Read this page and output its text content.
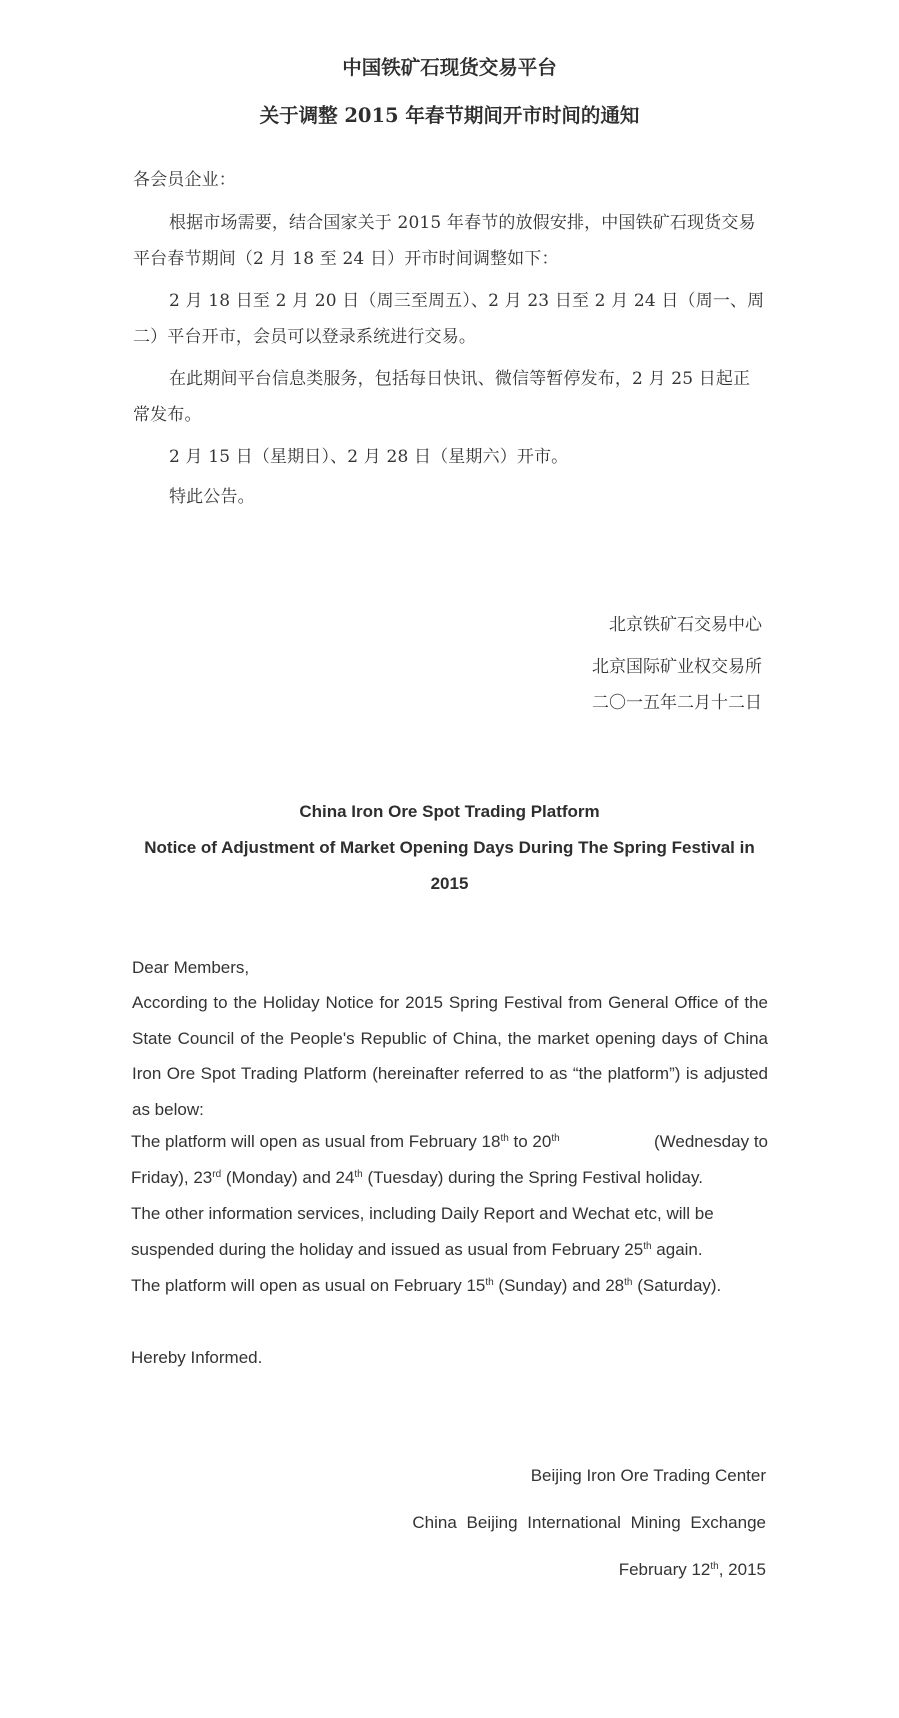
中国铁矿石现货交易平台
关于调整 2015 年春节期间开市时间的通知

各会员企业：

根据市场需要，结合国家关于 2015 年春节的放假安排，中国铁矿石现货交易平台春节期间（2 月 18 至 24 日）开市时间调整如下：

2 月 18 日至 2 月 20 日（周三至周五）、2 月 23 日至 2 月 24 日（周一、周二）平台开市，会员可以登录系统进行交易。

在此期间平台信息类服务，包括每日快讯、微信等暂停发布，2 月 25 日起正常发布。

2 月 15 日（星期日）、2 月 28 日（星期六）开市。

特此公告。

北京铁矿石交易中心

北京国际矿业权交易所

二〇一五年二月十二日

China Iron Ore Spot Trading Platform
Notice of Adjustment of Market Opening Days During The Spring Festival in 2015

Dear Members,

According to the Holiday Notice for 2015 Spring Festival from General Office of the State Council of the People's Republic of China, the market opening days of China Iron Ore Spot Trading Platform (hereinafter referred to as “the platform”) is adjusted as below:

The platform will open as usual from February 18th to 20th	(Wednesday to
Friday), 23rd (Monday) and 24th (Tuesday) during the Spring Festival holiday.
The other information services, including Daily Report and Wechat etc, will be
suspended during the holiday and issued as usual from February 25th again.
The platform will open as usual on February 15th (Sunday) and 28th (Saturday).

Hereby Informed.

Beijing Iron Ore Trading Center

China Beijing International Mining Exchange

February 12th, 2015
